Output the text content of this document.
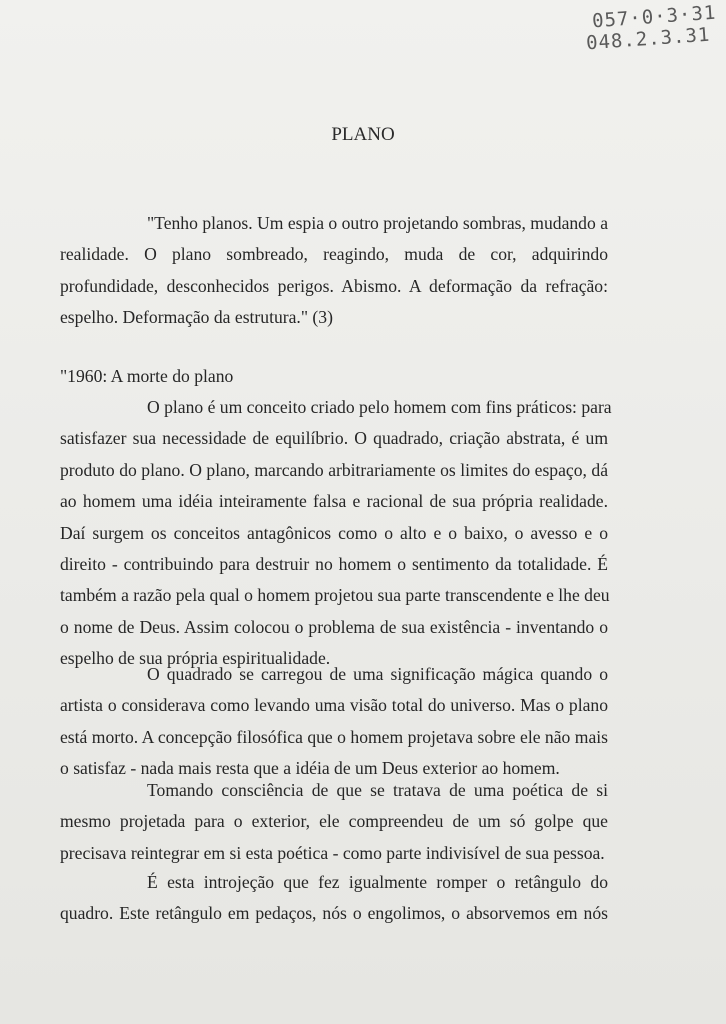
057·0·3·31
048.2.3.31
PLANO
"Tenho planos. Um espia o outro projetando sombras, mudando a
realidade. O plano sombreado, reagindo, muda de cor, adquirindo
profundidade, desconhecidos perigos. Abismo. A deformação da refração:
espelho. Deformação da estrutura." (3)
"1960: A morte do plano
O plano é um conceito criado pelo homem com fins práticos: para
satisfazer sua necessidade de equilíbrio. O quadrado, criação abstrata, é um
produto do plano. O plano, marcando arbitrariamente os limites do espaço, dá
ao homem uma idéia inteiramente falsa e racional de sua própria realidade.
Daí surgem os conceitos antagônicos como o alto e o baixo, o avesso e o
direito - contribuindo para destruir no homem o sentimento da totalidade. É
também a razão pela qual o homem projetou sua parte transcendente e lhe deu
o nome de Deus. Assim colocou o problema de sua existência - inventando o
espelho de sua própria espiritualidade.
O quadrado se carregou de uma significação mágica quando o
artista o considerava como levando uma visão total do universo. Mas o plano
está morto. A concepção filosófica que o homem projetava sobre ele não mais
o satisfaz - nada mais resta que a idéia de um Deus exterior ao homem.
Tomando consciência de que se tratava de uma poética de si
mesmo projetada para o exterior, ele compreendeu de um só golpe que
precisava reintegrar em si esta poética - como parte indivisível de sua pessoa.
É esta introjeção que fez igualmente romper o retângulo do
quadro. Este retângulo em pedaços, nós o engolimos, o absorvemos em nós
